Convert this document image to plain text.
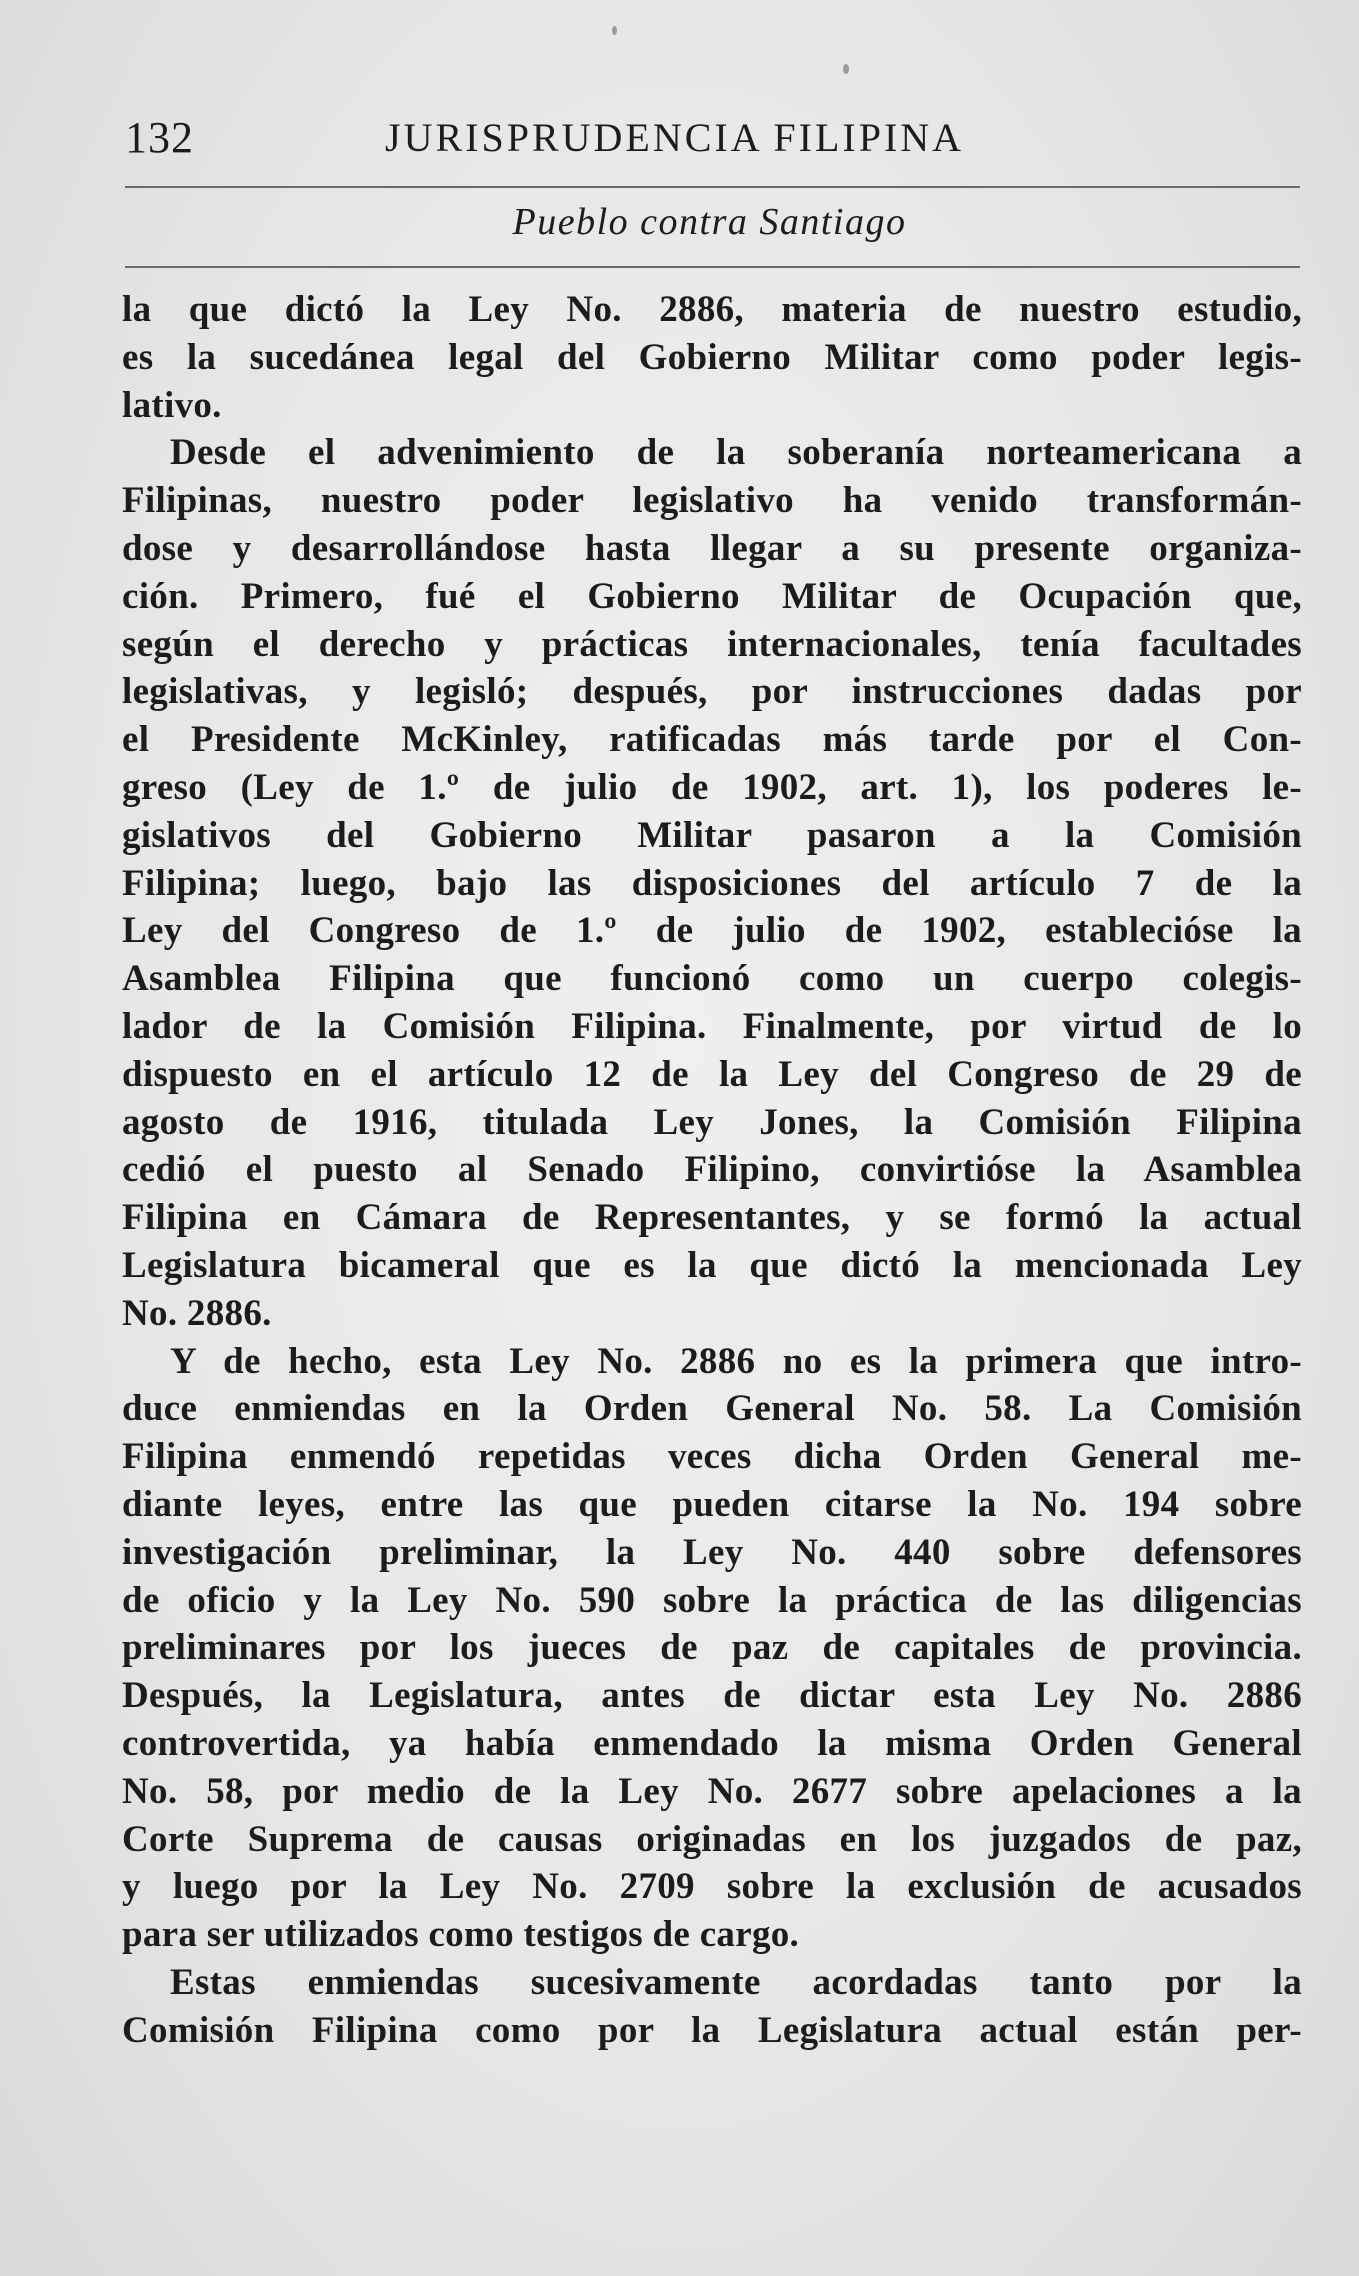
132	JURISPRUDENCIA FILIPINA
Pueblo contra Santiago
la que dictó la Ley No. 2886, materia de nuestro estudio,
es la sucedánea legal del Gobierno Militar como poder legis-
lativo.
Desde el advenimiento de la soberanía norteamericana a
Filipinas, nuestro poder legislativo ha venido transformán-
dose y desarrollándose hasta llegar a su presente organiza-
ción. Primero, fué el Gobierno Militar de Ocupación que,
según el derecho y prácticas internacionales, tenía facultades
legislativas, y legisló; después, por instrucciones dadas por
el Presidente McKinley, ratificadas más tarde por el Con-
greso (Ley de 1.º de julio de 1902, art. 1), los poderes le-
gislativos del Gobierno Militar pasaron a la Comisión
Filipina; luego, bajo las disposiciones del artículo 7 de la
Ley del Congreso de 1.º de julio de 1902, establecióse la
Asamblea Filipina que funcionó como un cuerpo colegis-
lador de la Comisión Filipina. Finalmente, por virtud de lo
dispuesto en el artículo 12 de la Ley del Congreso de 29 de
agosto de 1916, titulada Ley Jones, la Comisión Filipina
cedió el puesto al Senado Filipino, convirtióse la Asamblea
Filipina en Cámara de Representantes, y se formó la actual
Legislatura bicameral que es la que dictó la mencionada Ley
No. 2886.
Y de hecho, esta Ley No. 2886 no es la primera que intro-
duce enmiendas en la Orden General No. 58. La Comisión
Filipina enmendó repetidas veces dicha Orden General me-
diante leyes, entre las que pueden citarse la No. 194 sobre
investigación preliminar, la Ley No. 440 sobre defensores
de oficio y la Ley No. 590 sobre la práctica de las diligencias
preliminares por los jueces de paz de capitales de provincia.
Después, la Legislatura, antes de dictar esta Ley No. 2886
controvertida, ya había enmendado la misma Orden General
No. 58, por medio de la Ley No. 2677 sobre apelaciones a la
Corte Suprema de causas originadas en los juzgados de paz,
y luego por la Ley No. 2709 sobre la exclusión de acusados
para ser utilizados como testigos de cargo.
Estas enmiendas sucesivamente acordadas tanto por la
Comisión Filipina como por la Legislatura actual están per-
